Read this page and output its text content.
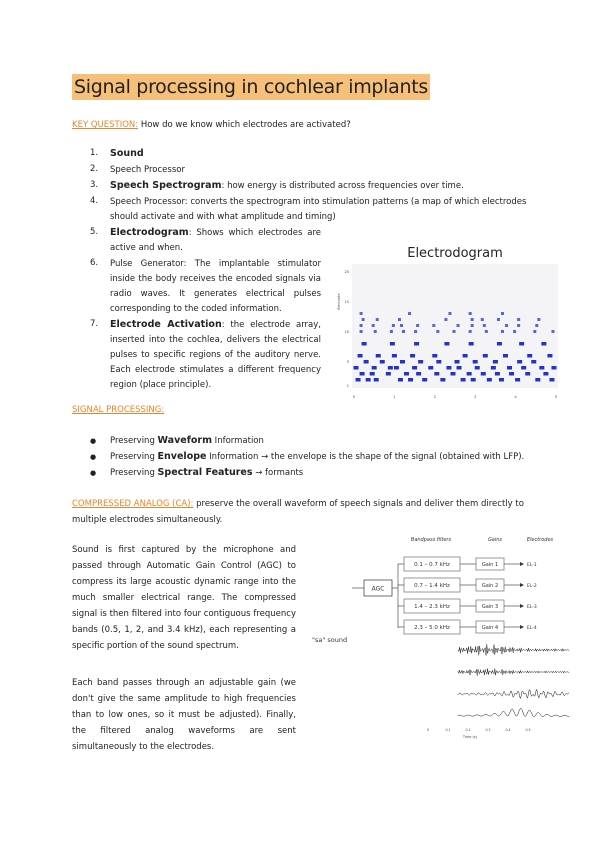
Signal processing in cochlear implants
KEY QUESTION: How do we know which electrodes are activated?
1. Sound
2. Speech Processor
3. Speech Spectrogram: how energy is distributed across frequencies over time.
4. Speech Processor: converts the spectrogram into stimulation patterns (a map of which electrodes should activate and with what amplitude and timing)
5. Electrodogram: Shows which electrodes are active and when.
6. Pulse Generator: The implantable stimulator inside the body receives the encoded signals via radio waves. It generates electrical pulses corresponding to the coded information.
7. Electrode Activation: the electrode array, inserted into the cochlea, delivers the electrical pulses to specific regions of the auditory nerve. Each electrode stimulates a different frequency region (place principle).
Electrodogram
Electrode
1
5
10
15
20
0	1	2	3	4	5
SIGNAL PROCESSING:
● Preserving Waveform Information
● Preserving Envelope Information → the envelope is the shape of the signal (obtained with LFP).
● Preserving Spectral Features → formants
COMPRESSED ANALOG (CA): preserve the overall waveform of speech signals and deliver them directly to multiple electrodes simultaneously.
Sound is first captured by the microphone and passed through Automatic Gain Control (AGC) to compress its large acoustic dynamic range into the much smaller electrical range. The compressed signal is then filtered into four contiguous frequency bands (0.5, 1, 2, and 3.4 kHz), each representing a specific portion of the sound spectrum.
Each band passes through an adjustable gain (we don't give the same amplitude to high frequencies than to low ones, so it must be adjusted). Finally, the filtered analog waveforms are sent simultaneously to the electrodes.
Bandpass filters	Gains	Electrodes
AGC
0.1 – 0.7 kHz	Gain 1	EL-1
0.7 – 1.4 kHz	Gain 2	EL-2
1.4 – 2.3 kHz	Gain 3	EL-3
2.3 – 5.0 kHz	Gain 4	EL-4
"sa" sound
0	0.1	0.2	0.3	0.4	0.5
Time (s)
